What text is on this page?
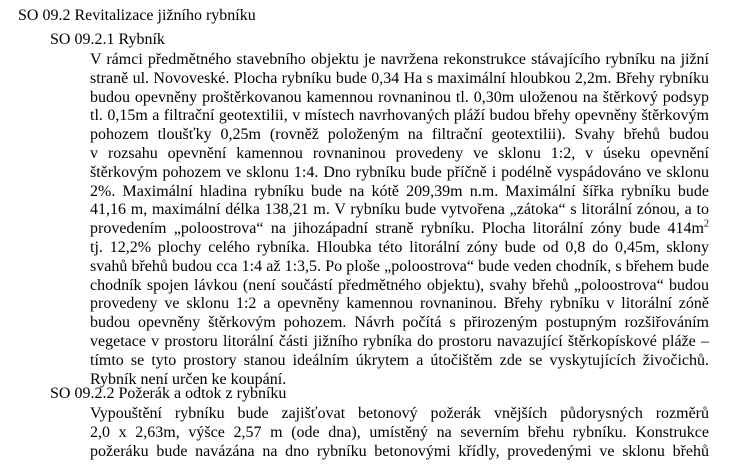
SO 09.2 Revitalizace jižního rybníku
SO 09.2.1 Rybník
V rámci předmětného stavebního objektu je navržena rekonstrukce stávajícího rybníku na jižní
straně ul. Novoveské. Plocha rybníku bude 0,34 Ha s maximální hloubkou 2,2m. Břehy rybníku
budou opevněny proštěrkovanou kamennou rovnaninou tl. 0,30m uloženou na štěrkový podsyp
tl. 0,15m a filtrační geotextilii, v místech navrhovaných pláží budou břehy opevněny štěrkovým
pohozem tloušťky 0,25m (rovněž položeným na filtrační geotextilii). Svahy břehů budou
v rozsahu opevnění kamennou rovnaninou provedeny ve sklonu 1:2, v úseku opevnění
štěrkovým pohozem ve sklonu 1:4. Dno rybníku bude příčně i podélně vyspádováno ve sklonu
2%. Maximální hladina rybníku bude na kótě 209,39m n.m. Maximální šířka rybníku bude
41,16 m, maximální délka 138,21 m. V rybníku bude vytvořena „zátoka“ s litorální zónou, a to
provedením „poloostrova“ na jihozápadní straně rybníku. Plocha litorální zóny bude $414m^2$
tj. 12,2% plochy celého rybníka. Hloubka této litorální zóny bude od 0,8 do 0,45m, sklony
svahů břehů budou cca 1:4 až 1:3,5. Po ploše „poloostrova“ bude veden chodník, s břehem bude
chodník spojen lávkou (není součástí předmětného objektu), svahy břehů „poloostrova“ budou
provedeny ve sklonu 1:2 a opevněny kamennou rovnaninou. Břehy rybníku v litorální zóně
budou opevněny štěrkovým pohozem. Návrh počítá s přirozeným postupným rozšiřováním
vegetace v prostoru litorální části jižního rybníka do prostoru navazující štěrkopískové pláže –
tímto se tyto prostory stanou ideálním úkrytem a útočištěm zde se vyskytujících živočichů.
Rybník není určen ke koupání.
SO 09.2.2 Požerák a odtok z rybníku
Vypouštění rybníku bude zajišťovat betonový požerák vnějších půdorysných rozměrů
2,0 x 2,63m, výšce 2,57 m (ode dna), umístěný na severním břehu rybníku. Konstrukce
požeráku bude navázána na dno rybníku betonovými křídly, provedenými ve sklonu břehů
